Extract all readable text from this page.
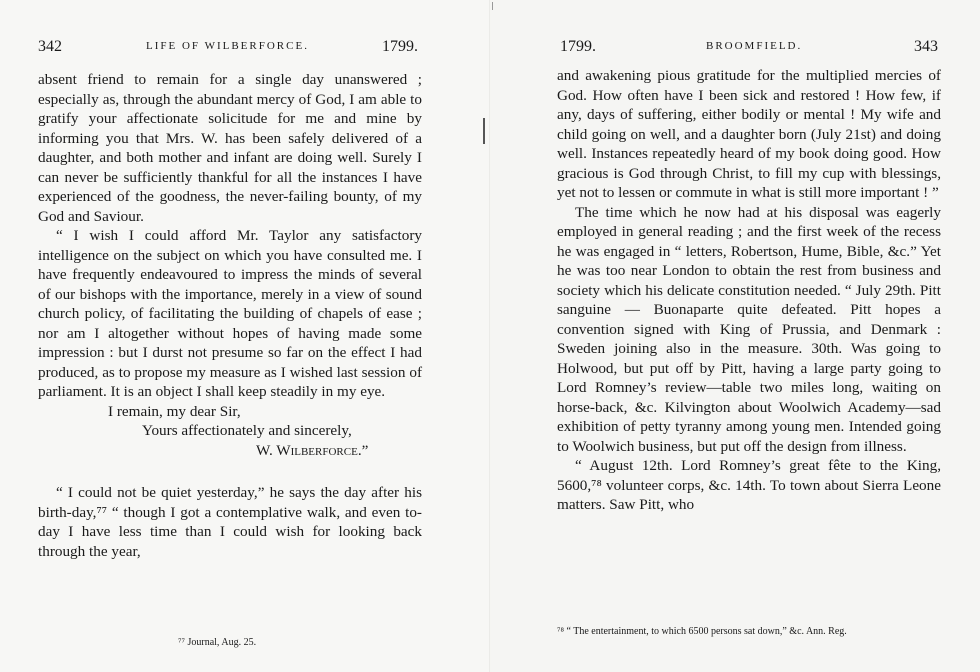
342	LIFE OF WILBERFORCE.	1799.	1799.	BROOMFIELD.	343

absent friend to remain for a single day unanswered ; especially as, through the abundant mercy of God, I am able to gratify your affectionate solicitude for me and mine by informing you that Mrs. W. has been safely delivered of a daughter, and both mother and infant are doing well. Surely I can never be sufficiently thankful for all the instances I have experienced of the goodness, the never-failing bounty, of my God and Saviour.

“ I wish I could afford Mr. Taylor any satisfactory intelligence on the subject on which you have consulted me. I have frequently endeavoured to impress the minds of several of our bishops with the importance, merely in a view of sound church policy, of facilitating the building of chapels of ease ; nor am I altogether without hopes of having made some impression : but I durst not presume so far on the effect I had produced, as to propose my measure as I wished last session of parliament. It is an object I shall keep steadily in my eye.

I remain, my dear Sir,

Yours affectionately and sincerely,

W. Wilberforce.”

“ I could not be quiet yesterday,” he says the day after his birth-day,⁷⁷ “ though I got a contemplative walk, and even to-day I have less time than I could wish for looking back through the year,

⁷⁷ Journal, Aug. 25.

and awakening pious gratitude for the multiplied mercies of God. How often have I been sick and restored ! How few, if any, days of suffering, either bodily or mental ! My wife and child going on well, and a daughter born (July 21st) and doing well. Instances repeatedly heard of my book doing good. How gracious is God through Christ, to fill my cup with blessings, yet not to lessen or commute in what is still more important ! ”

The time which he now had at his disposal was eagerly employed in general reading ; and the first week of the recess he was engaged in “ letters, Robertson, Hume, Bible, &c.” Yet he was too near London to obtain the rest from business and society which his delicate constitution needed. “ July 29th. Pitt sanguine — Buonaparte quite defeated. Pitt hopes a convention signed with King of Prussia, and Denmark : Sweden joining also in the measure. 30th. Was going to Holwood, but put off by Pitt, having a large party going to Lord Romney’s review—table two miles long, waiting on horse-back, &c. Kilvington about Woolwich Academy—sad exhibition of petty tyranny among young men. Intended going to Woolwich business, but put off the design from illness.

“ August 12th. Lord Romney’s great fête to the King, 5600,⁷⁸ volunteer corps, &c. 14th. To town about Sierra Leone matters. Saw Pitt, who

⁷⁸ “ The entertainment, to which 6500 persons sat down,” &c. Ann. Reg.
